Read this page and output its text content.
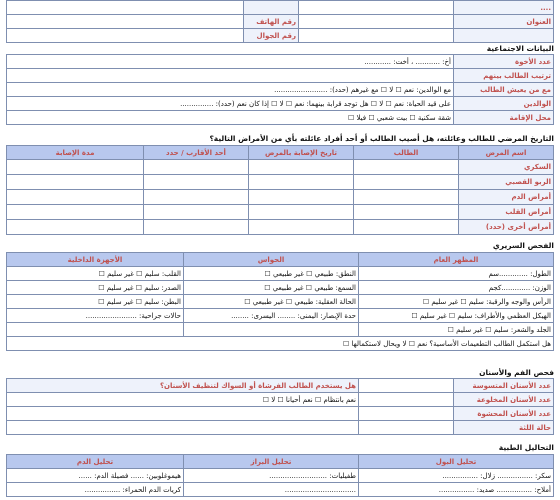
....			
العنوان		رقم الهاتف	
		رقم الجوال	
البيانات الاجتماعية
عدد الأخوة	أخ: ........... ، أخت: ............
ترتيب الطالب بينهم	
مع من يعيش الطالب	مع الوالدين: نعم ☐ لا ☐ مع غيرهم (حدد): ........................
الوالدين	على قيد الحياة: نعم ☐ لا ☐ هل توجد قرابة بينهما: نعم ☐ لا ☐ إذا كان نعم (حدد): ...............
محل الإقامة	شقة سكنية ☐ بيت شعبي ☐ فيلا ☐
التاريخ المرضي للطالب وعائلته، هل أصيب الطالب أو أحد أفراد عائلته بأي من الأمراض التالية؟
اسم المرض	الطالب	تاريخ الإصابة بالمرض	أحد الأقارب / حدد	مدة الإصابة
السكري				
الربو القصبي				
أمراض الدم				
أمراض القلب				
أمراض أخرى (حدد)				
الفحص السريري
المظهر العام	الحواس	الأجهزة الداخلية
الطول: .............سم	النطق: طبيعي ☐ غير طبيعي ☐	القلب: سليم ☐ غير سليم ☐
الوزن: .............كجم	السمع: طبيعي ☐ غير طبيعي ☐	الصدر: سليم ☐ غير سليم ☐
الرأس والوجه والرقبة: سليم ☐ غير سليم ☐	الحالة العقلية: طبيعي ☐ غير طبيعي ☐	البطن: سليم ☐ غير سليم ☐
الهيكل العظمي والأطراف: سليم ☐ غير سليم ☐	حدة الإبصار: اليمنى: ........ اليسرى: ........	حالات جراحية: .......................
الجلد والشعر: سليم ☐ غير سليم ☐		
هل استكمل الطالب التطعيمات الأساسية؟ نعم ☐ لا ويحال لاستكمالها ☐		
فحص الفم والأسنان
عدد الأسنان المتسوسة		هل يستخدم الطالب الفرشاة أو السواك لتنظيف الأسنان؟
عدد الأسنان المخلوعة		نعم بانتظام ☐ نعم أحيانا ☐ لا ☐
عدد الأسنان المحشوة		
حالة اللثة		
التحاليل الطبية
تحليل البول	تحليل البراز	تحليل الدم
سكر: ................ زلال: ................	طفيليات: ..........................	هيموغلوبين: ...... فصيلة الدم: ......
أملاح: ................ صديد: ................	................................	كريات الدم الحمراء: ................
